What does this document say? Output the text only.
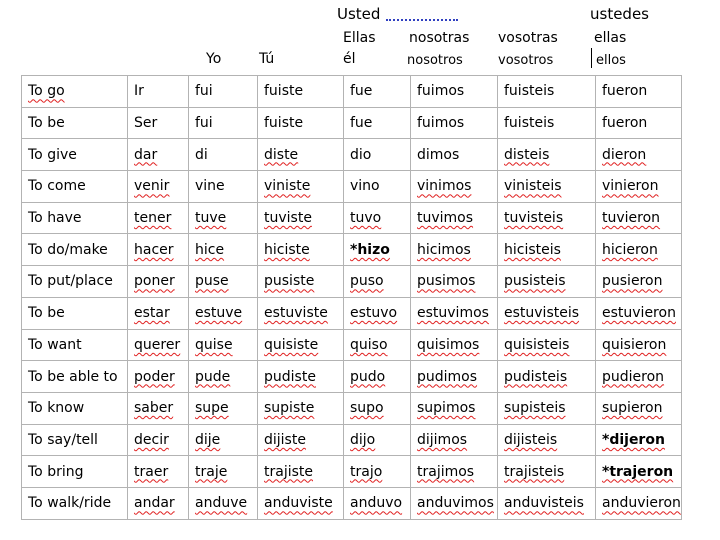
Usted	ustedes
Ellas nosotras vosotras	ellas
Yo	Tú	él	nosotros	vosotros	ellos
To go	Ir	fui	fuiste	fue	fuimos	fuisteis	fueron
To be	Ser	fui	fuiste	fue	fuimos	fuisteis	fueron
To give	dar	di	diste	dio	dimos	disteis	dieron
To come	venir	vine	viniste	vino	vinimos	vinisteis	vinieron
To have	tener	tuve	tuviste	tuvo	tuvimos	tuvisteis	tuvieron
To do/make	hacer	hice	hiciste	*hizo	hicimos	hicisteis	hicieron
To put/place	poner	puse	pusiste	puso	pusimos	pusisteis	pusieron
To be	estar	estuve	estuviste	estuvo	estuvimos	estuvisteis	estuvieron
To want	querer	quise	quisiste	quiso	quisimos	quisisteis	quisieron
To be able to	poder	pude	pudiste	pudo	pudimos	pudisteis	pudieron
To know	saber	supe	supiste	supo	supimos	supisteis	supieron
To say/tell	decir	dije	dijiste	dijo	dijimos	dijisteis	*dijeron
To bring	traer	traje	trajiste	trajo	trajimos	trajisteis	*trajeron
To walk/ride	andar	anduve	anduviste	anduvo	anduvimos	anduvisteis	anduvieron
